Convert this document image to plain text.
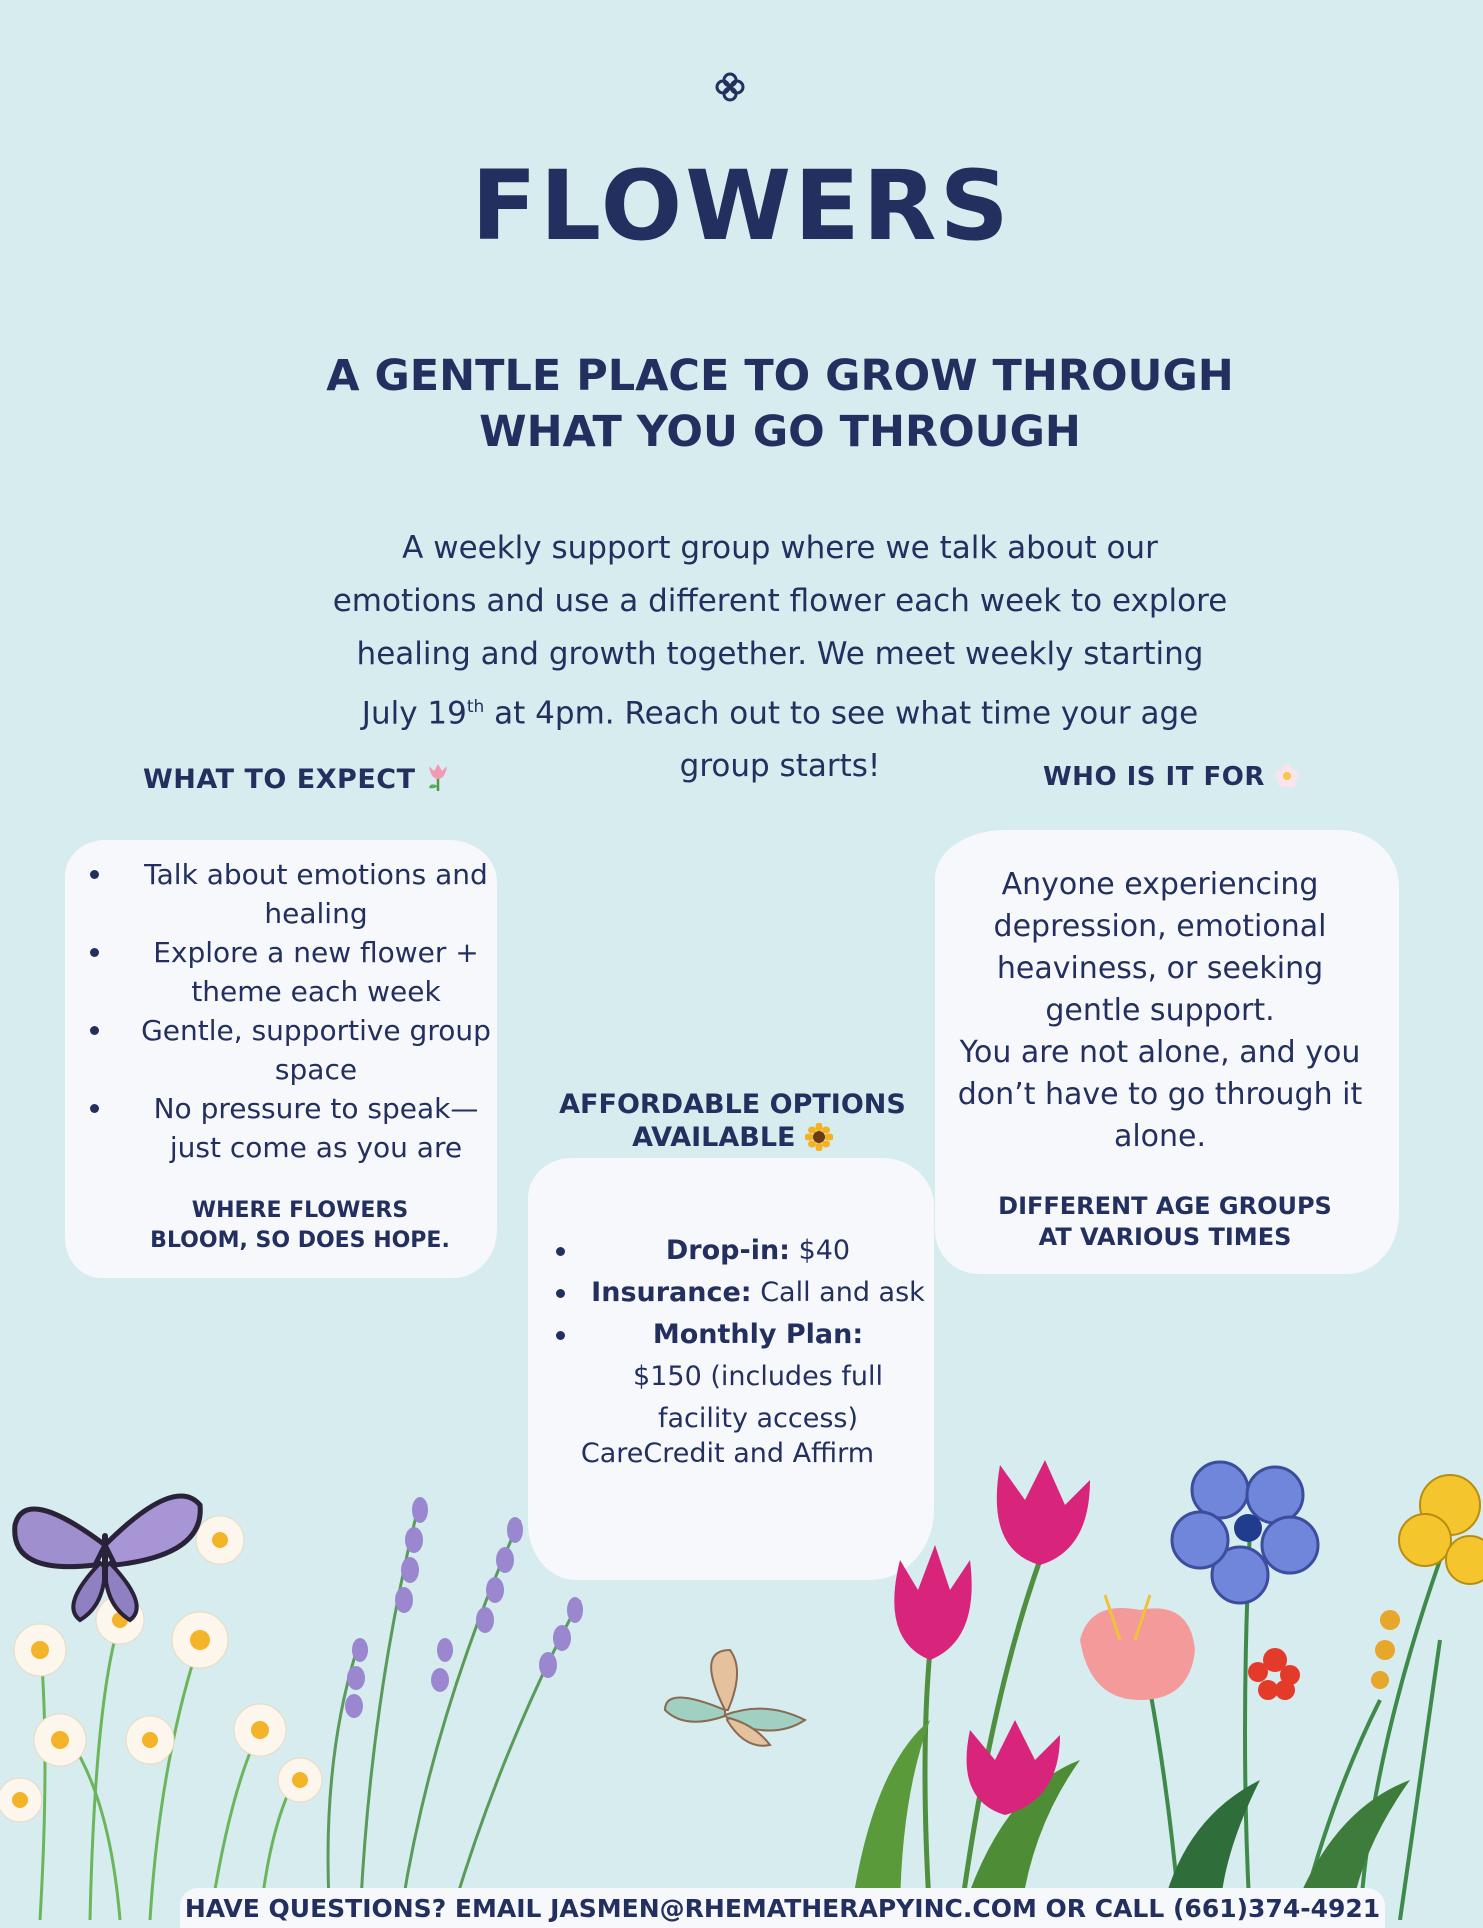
FLOWERS
A GENTLE PLACE TO GROW THROUGH
WHAT YOU GO THROUGH
A weekly support group where we talk about our emotions and use a different flower each week to explore healing and growth together. We meet weekly starting July 19th at 4pm. Reach out to see what time your age group starts!
WHAT TO EXPECT
Talk about emotions and healing
Explore a new flower + theme each week
Gentle, supportive group space
No pressure to speak—just come as you are
WHERE FLOWERS
BLOOM, SO DOES HOPE.
WHO IS IT FOR
Anyone experiencing depression, emotional heaviness, or seeking gentle support.
You are not alone, and you don’t have to go through it alone.
DIFFERENT AGE GROUPS
AT VARIOUS TIMES
AFFORDABLE OPTIONS
AVAILABLE
Drop-in: $40
Insurance: Call and ask
Monthly Plan: $150 (includes full facility access)
CareCredit and Affirm
HAVE QUESTIONS? EMAIL JASMEN@RHEMATHERAPYINC.COM OR CALL (661)374-4921
